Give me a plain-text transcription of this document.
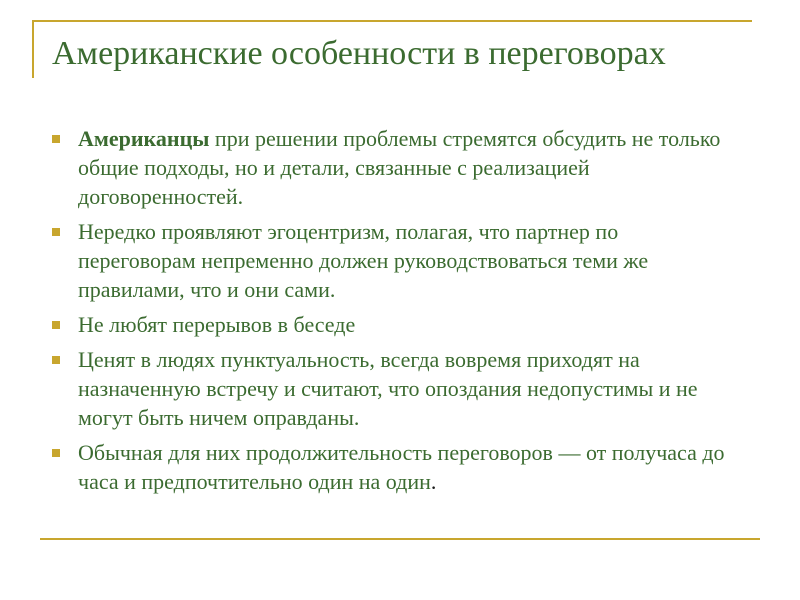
Американские особенности в переговорах
Американцы при решении проблемы стремятся обсудить не только общие подходы, но и детали, связанные с реализацией договоренностей.
Нередко проявляют эгоцентризм, полагая, что партнер по переговорам непременно должен руководствоваться теми же правилами, что и они сами.
Не любят перерывов в беседе
Ценят в людях пунктуальность, всегда вовремя приходят на назначенную встречу и считают, что опоздания недопустимы и не могут быть ничем оправданы.
Обычная для них продолжительность переговоров — от получаса до часа и предпочтительно один на один.
